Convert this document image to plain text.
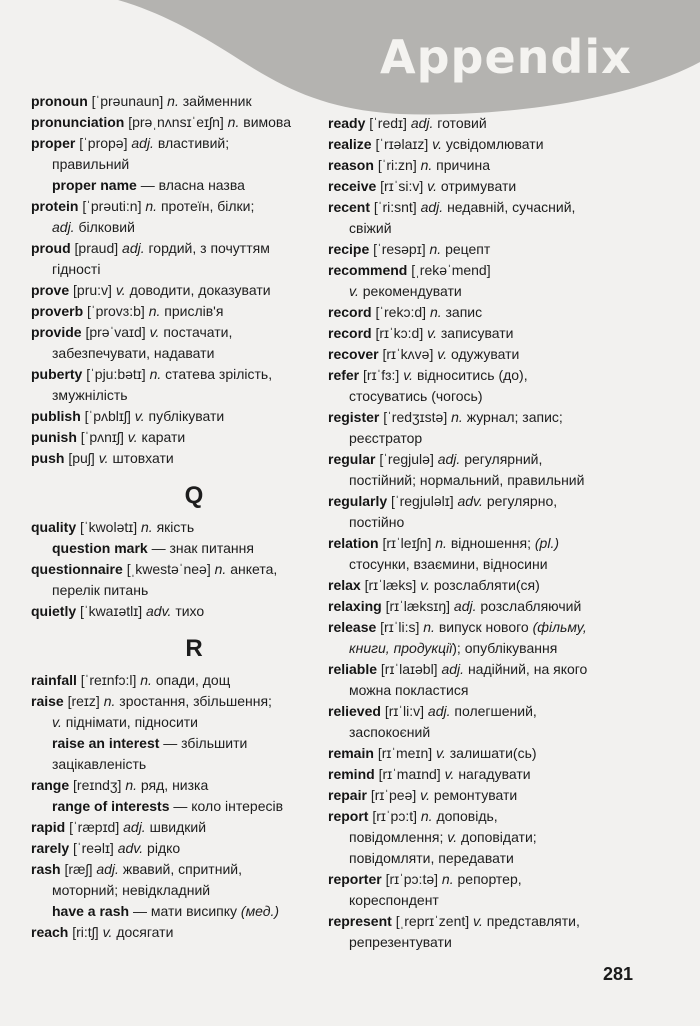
Appendix
pronoun [ˈprəunaun] n. займенник
pronunciation [prəˌnʌnsɪˈeɪʃn] n. вимова
proper [ˈpropə] adj. властивий;
правильний
proper name — власна назва
protein [ˈprəuti:n] n. протеїн, білки;
adj. білковий
proud [praud] adj. гордий, з почуттям
гідності
prove [pru:v] v. доводити, доказувати
proverb [ˈprovɜ:b] n. прислів'я
provide [prəˈvaɪd] v. постачати,
забезпечувати, надавати
puberty [ˈpju:bətɪ] n. статева зрілість,
змужнілість
publish [ˈpʌblɪʃ] v. публікувати
punish [ˈpʌnɪʃ] v. карати
push [puʃ] v. штовхати
Q
quality [ˈkwolətɪ] n. якість
question mark — знак питання
questionnaire [ˌkwestəˈneə] n. анкета,
перелік питань
quietly [ˈkwaɪətlɪ] adv. тихо
R
rainfall [ˈreɪnfɔ:l] n. опади, дощ
raise [reɪz] n. зростання, збільшення;
v. піднімати, підносити
raise an interest — збільшити
зацікавленість
range [reɪndʒ] n. ряд, низка
range of interests — коло інтересів
rapid [ˈræpɪd] adj. швидкий
rarely [ˈreəlɪ] adv. рідко
rash [ræʃ] adj. жвавий, спритний,
моторний; невідкладний
have a rash — мати висипку (мед.)
reach [ri:tʃ] v. досягати
ready [ˈredɪ] adj. готовий
realize [ˈrɪəlaɪz] v. усвідомлювати
reason [ˈri:zn] n. причина
receive [rɪˈsi:v] v. отримувати
recent [ˈri:snt] adj. недавній, сучасний,
свіжий
recipe [ˈresəpɪ] n. рецепт
recommend [ˌrekəˈmend]
v. рекомендувати
record [ˈrekɔ:d] n. запис
record [rɪˈkɔ:d] v. записувати
recover [rɪˈkʌvə] v. одужувати
refer [rɪˈfɜ:] v. відноситись (до),
стосуватись (чогось)
register [ˈredʒɪstə] n. журнал; запис;
реєстратор
regular [ˈregjulə] adj. регулярний,
постійний; нормальний, правильний
regularly [ˈregjuləlɪ] adv. регулярно,
постійно
relation [rɪˈleɪʃn] n. відношення; (pl.)
стосунки, взаємини, відносини
relax [rɪˈlæks] v. розслабляти(ся)
relaxing [rɪˈlæksɪŋ] adj. розслабляючий
release [rɪˈli:s] n. випуск нового (фільму,
книги, продукції); опублікування
reliable [rɪˈlaɪəbl] adj. надійний, на якого
можна покластися
relieved [rɪˈli:v] adj. полегшений,
заспокоєний
remain [rɪˈmeɪn] v. залишати(сь)
remind [rɪˈmaɪnd] v. нагадувати
repair [rɪˈpeə] v. ремонтувати
report [rɪˈpɔ:t] n. доповідь,
повідомлення; v. доповідати;
повідомляти, передавати
reporter [rɪˈpɔ:tə] n. репортер,
кореспондент
represent [ˌreprɪˈzent] v. представляти,
репрезентувати
281
